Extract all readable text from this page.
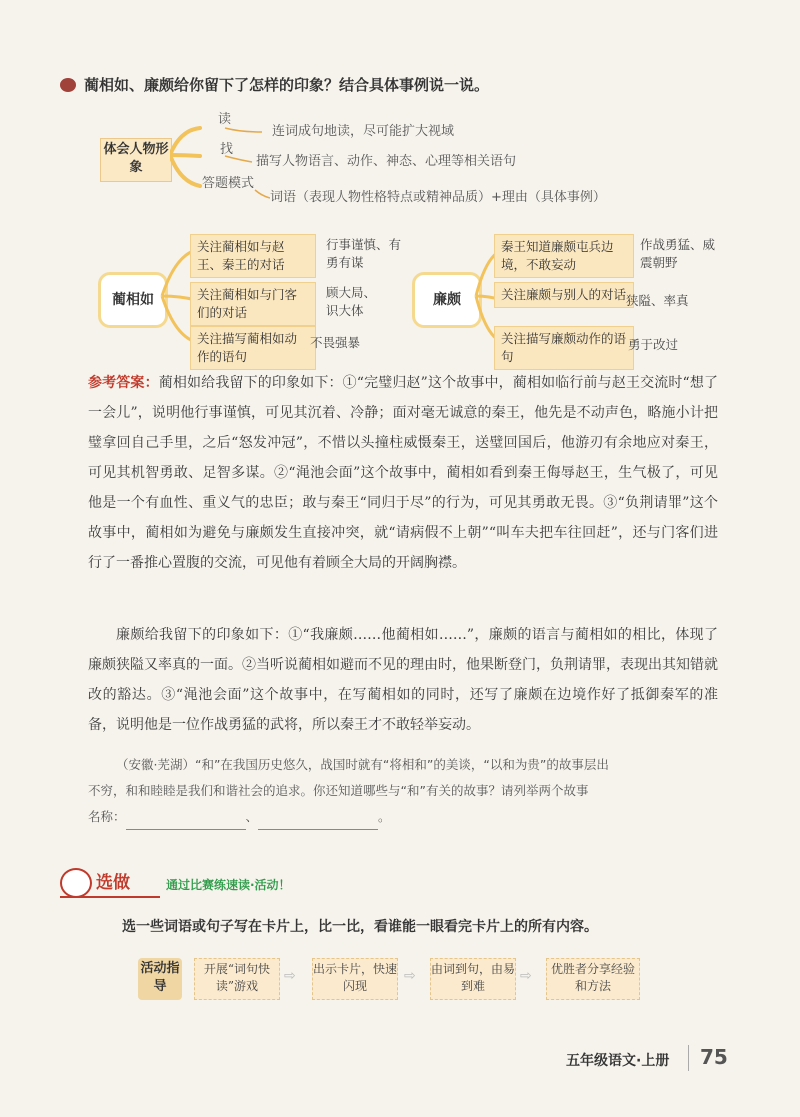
蔺相如、廉颇给你留下了怎样的印象？结合具体事例说一说。
体会人物形象
读
连词成句地读，尽可能扩大视域
找
描写人物语言、动作、神态、心理等相关语句
答题模式
词语（表现人物性格特点或精神品质）+理由（具体事例）
蔺相如
关注蔺相如与赵王、秦王的对话
行事谨慎、有勇有谋
关注蔺相如与门客们的对话
顾大局、识大体
关注描写蔺相如动作的语句
不畏强暴
廉颇
秦王知道廉颇屯兵边境，不敢妄动
作战勇猛、威震朝野
关注廉颇与别人的对话 狭隘、率真
关注描写廉颇动作的语句
勇于改过
参考答案：蔺相如给我留下的印象如下：①“完璧归赵”这个故事中，蔺相如临行前与赵王交流时“想了一会儿”，说明他行事谨慎，可见其沉着、冷静；面对毫无诚意的秦王，他先是不动声色，略施小计把璧拿回自己手里，之后“怒发冲冠”，不惜以头撞柱威慑秦王，送璧回国后，他游刃有余地应对秦王，可见其机智勇敢、足智多谋。②“渑池会面”这个故事中，蔺相如看到秦王侮辱赵王，生气极了，可见他是一个有血性、重义气的忠臣；敢与秦王“同归于尽”的行为，可见其勇敢无畏。③“负荆请罪”这个故事中，蔺相如为避免与廉颇发生直接冲突，就“请病假不上朝”“叫车夫把车往回赶”，还与门客们进行了一番推心置腹的交流，可见他有着顾全大局的开阔胸襟。
廉颇给我留下的印象如下：①“我廉颇……他蔺相如……”，廉颇的语言与蔺相如的相比，体现了廉颇狭隘又率真的一面。②当听说蔺相如避而不见的理由时，他果断登门，负荆请罪，表现出其知错就改的豁达。③“渑池会面”这个故事中，在写蔺相如的同时，还写了廉颇在边境作好了抵御秦军的准备，说明他是一位作战勇猛的武将，所以秦王才不敢轻举妄动。
（安徽·芜湖）“和”在我国历史悠久，战国时就有“将相和”的美谈，“以和为贵”的故事层出
不穷，和和睦睦是我们和谐社会的追求。你还知道哪些与“和”有关的故事？请列举两个故事
名称：	、	。
选做	通过比赛练速读·活动！
选一些词语或句子写在卡片上，比一比，看谁能一眼看完卡片上的所有内容。
活动指导
开展“词句快读”游戏
⇨ 出示卡片，快速闪现
⇨ 由词到句，由易到难
⇨	优胜者分享经验和方法
五年级语文·上册 75
